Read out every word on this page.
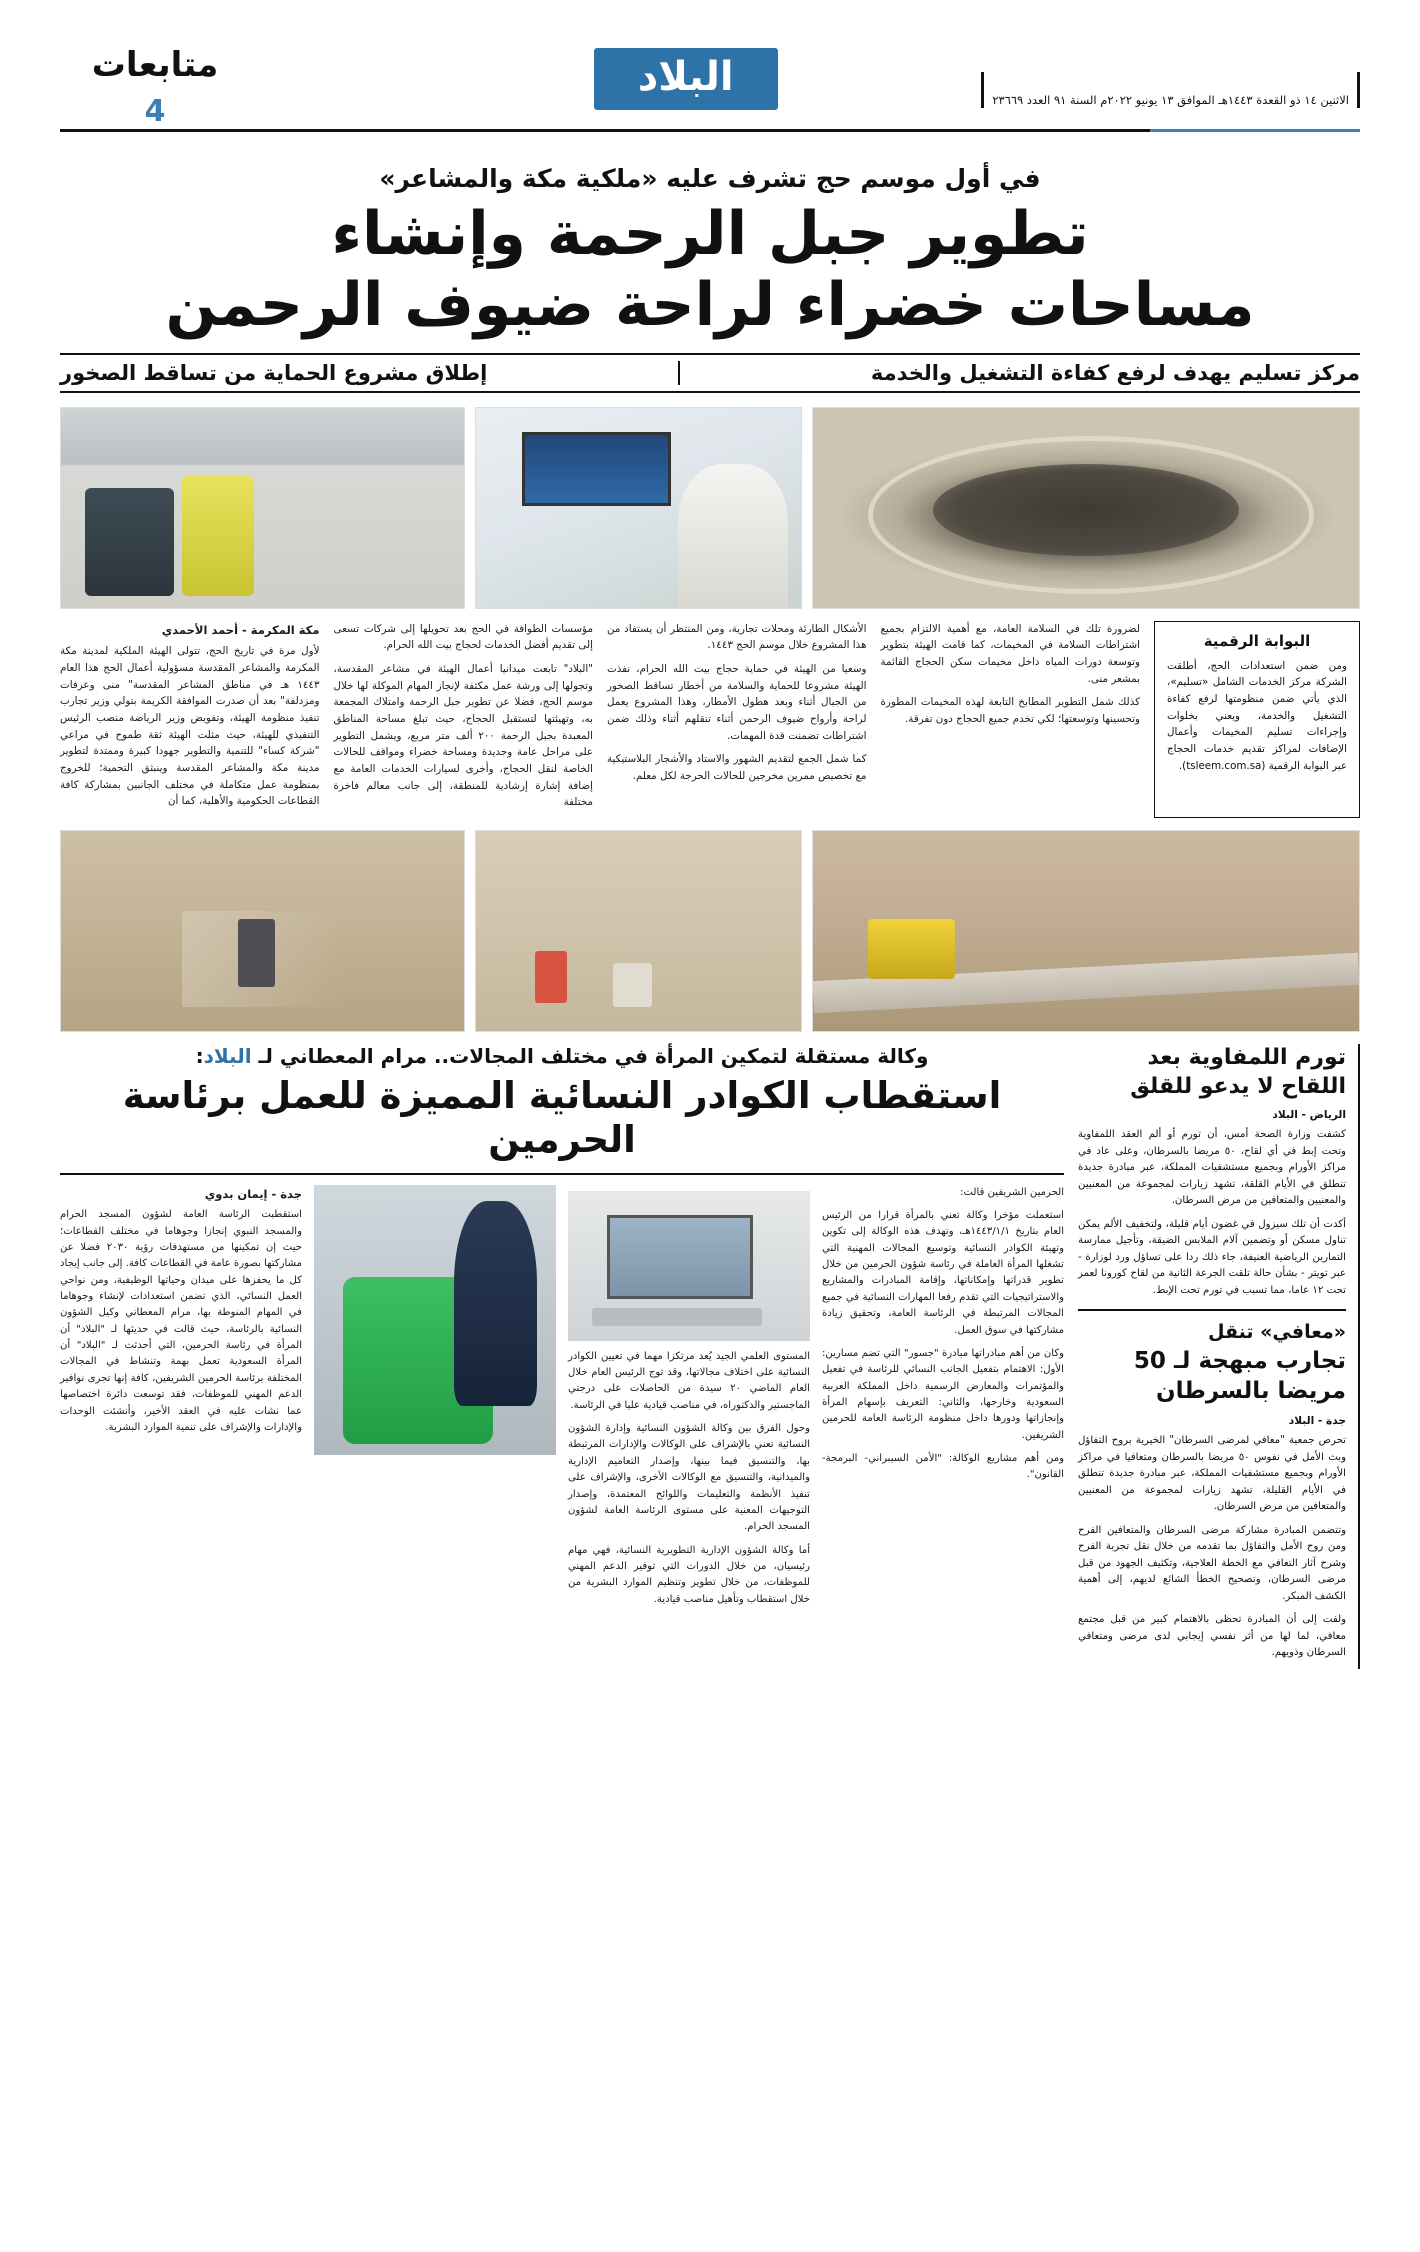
الاثنين ١٤ ذو القعدة ١٤٤٣هـ الموافق ١٣ يونيو ٢٠٢٢م السنة ٩١ العدد ٢٣٦٦٩
البلاد
متابعات
4
في أول موسم حج تشرف عليه «ملكية مكة والمشاعر»
تطوير جبل الرحمة وإنشاء
مساحات خضراء لراحة ضيوف الرحمن
مركز تسليم يهدف لرفع كفاءة التشغيل والخدمة
إطلاق مشروع الحماية من تساقط الصخور
البوابة الرقمية

ومن ضمن استعدادات الحج، أطلقت الشركة مركز الخدمات الشامل «تسليم»، الذي يأتي ضمن منظومتها لرفع كفاءة التشغيل والخدمة، ويعني بخلوات وإجراءات تسليم المخيمات وأعمال الإضافات لمراكز تقديم خدمات الحجاج عبر البوابة الرقمية (tsleem.com.sa).

لضرورة تلك في السلامة العامة، مع أهمية الالتزام بجميع اشتراطات السلامة في المخيمات، كما قامت الهيئة بتطوير وتوسعة دورات المياه داخل مخيمات سكن الحجاج القائمة بمشعر منى.

كذلك شمل التطوير المطابخ التابعة لهذه المخيمات المطورة وتحسينها وتوسعتها؛ لكي تخدم جميع الحجاج دون تفرقة.

الأشكال الطارئة ومحلات تجارية، ومن المنتظر أن يستفاد من هذا المشروع خلال موسم الحج ١٤٤٣.

وسعيا من الهيئة في حماية حجاج بيت الله الحرام، نفذت الهيئة مشروعا للحماية والسلامة من أخطار تساقط الصخور من الجبال أثناء وبعد هطول الأمطار، وهذا المشروع يعمل لراحة وأرواح ضيوف الرحمن أثناء تنقلهم أثناء وذلك ضمن اشتراطات تضمنت قدة المهمات.

كما شمل الجمع لتقديم الشهور والاستاد والأشجار البلاستيكية مع تخصيص ممرين مخرجين للحالات الحرجة لكل معلم.

مؤسسات الطوافة في الحج بعد تحويلها إلى شركات تسعى إلى تقديم أفضل الخدمات لحجاج بيت الله الحرام.

"البلاد" تابعت ميدانيا أعمال الهيئة في مشاعر المقدسة، وتجولها إلى ورشة عمل مكثفة لإنجاز المهام الموكلة لها خلال موسم الحج، فضلا عن تطوير جبل الرحمة وامتلاك المجمعة به، وتهيئتها لتستقبل الحجاج، حيث تبلغ مساحة المناطق المعبدة بجبل الرحمة ٢٠٠ ألف متر مربع، ويشمل التطوير على مراحل عامة وجديدة ومساحة خضراء ومواقف للحالات الخاصة لنقل الحجاج، وأخرى لسيارات الخدمات العامة مع إضافة إشارة إرشادية للمنطقة، إلى جانب معالم فاخرة مختلفة

مكة المكرمة - أحمد الأحمدي

لأول مرة في تاريخ الحج، تتولى الهيئة الملكية لمدينة مكة المكرمة والمشاعر المقدسة مسؤولية أعمال الحج هذا العام ١٤٤٣ هـ في مناطق المشاعر المقدسة" منى وعرفات ومزدلفة" بعد أن صدرت الموافقة الكريمة بتولي وزير تجارب تنفيذ منظومة الهيئة، وتفويض وزير الرياضة منصب الرئيس التنفيذي للهيئة، حيث مثلت الهيئة ثقة طموح في مراعي "شركة كساء" للتنمية والتطوير جهودا كبيرة وممتدة لتطوير مدينة مكة والمشاعر المقدسة وينبثق التحمية؛ للخروج بمنظومة عمل متكاملة في مختلف الجانبين بمشاركة كافة القطاعات الحكومية والأهلية، كما أن

تورم اللمفاوية بعد
اللقاح لا يدعو للقلق
الرياض - البلاد

كشفت وزارة الصحة أمس، أن تورم أو ألم العقد اللمفاوية وتحت إبط في أي لقاح، ٥٠ مريضا بالسرطان، وعلى عاد في مراكز الأورام وبجميع مستشفيات المملكة، عبر مبادرة جديدة تنطلق في الأيام القلقة، تشهد زيارات لمجموعة من المعنيين والمعنيين والمتعافين من مرض السرطان.

أكدت أن تلك سيزول في غضون أيام قليلة، ولتخفيف الألم يمكن تناول مسكن أو وتضمين آلام الملابس الضيقة، وتأجيل ممارسة التمارين الرياضية العنيفة، جاء ذلك ردا على تساؤل ورد لوزارة - عبر تويتر - بشأن حالة تلقت الجرعة الثانية من لقاح كورونا لعمر تحت ١٢ عاما، مما تسبب في تورم تحت الإبط.

«معافي» تنقل
تجارب مبهجة لـ 50
مريضا بالسرطان
جدة - البلاد

تحرص جمعية "معافي لمرضى السرطان" الخيرية بروح التفاؤل وبث الأمل في نفوس ٥٠ مريضا بالسرطان ومتعافيا في مراكز الأورام وبجميع مستشفيات المملكة، عبر مبادرة جديدة تنطلق في الأيام القليلة، تشهد زيارات لمجموعة من المعنيين والمتعافين من مرض السرطان.

وتتضمن المبادرة مشاركة مرضى السرطان والمتعافين الفرح ومن روح الأمل والتفاؤل بما تقدمه من خلال نقل تجربة الفرح وشرح آثار التعافي مع الخطة العلاجية، وتكثيف الجهود من قبل مرضى السرطان، وتصحيح الخطأ الشائع لديهم، إلى أهمية الكشف المبكر.

ولفت إلى أن المبادرة تحظى بالاهتمام كبير من قبل مجتمع معافي، لما لها من أثر نفسي إيجابي لدى مرضى ومتعافي السرطان وذويهم.

وكالة مستقلة لتمكين المرأة في مختلف المجالات.. مرام المعطاني لـ البلاد:
استقطاب الكوادر النسائية المميزة للعمل برئاسة الحرمين

الحرمين الشريفين قالت:

استعملت مؤخرا وكالة تعني بالمرأة قرارا من الرئيس العام بتاريخ ١٤٤٣/١/١هـ، وتهدف هذه الوكالة إلى تكوين وتهيئة الكوادر النسائية وتوسيع المجالات المهنية التي تشغلها المرأة العاملة في رئاسة شؤون الحرمين من خلال تطوير قدراتها وإمكاناتها، وإقامة المبادرات والمشاريع والاستراتيجيات التي تقدم رفعا المهارات النسائية في جميع المجالات المرتبطة في الرئاسة العامة، وتحقيق زيادة مشاركتها في سوق العمل.

وكان من أهم مبادراتها مبادرة "جسور" التي تضم مسارين: الأول: الاهتمام بتفعيل الجانب النسائي للرئاسة في تفعيل والمؤتمرات والمعارض الرسمية داخل المملكة العربية السعودية وخارجها، والثاني: التعريف بإسهام المرأة وإنجازاتها ودورها داخل منظومة الرئاسة العامة للحرمين الشريفين.

ومن أهم مشاريع الوكالة: "الأمن السيبراني- البرمجة- القانون".

المستوى العلمي الجيد يُعد مرتكزا مهما في تعيين الكوادر النسائية على اختلاف مجالاتها، وقد توج الرئيس العام خلال العام الماضي ٢٠ سيدة من الحاصلات على درجتي الماجستير والدكتوراه، في مناصب قيادية عليا في الرئاسة.

وحول الفرق بين وكالة الشؤون النسائية وإدارة الشؤون النسائية تعني بالإشراف على الوكالات والإدارات المرتبطة بها، والتنسيق فيما بينها، وإصدار التعاميم الإدارية والميدانية، والتنسيق مع الوكالات الأخرى، والإشراف على تنفيذ الأنظمة والتعليمات واللوائح المعتمدة، وإصدار التوجيهات المعنية على مستوى الرئاسة العامة لشؤون المسجد الحرام.

أما وكالة الشؤون الإدارية التطويرية النسائية، فهي مهام رئيسيان، من خلال الدورات التي توفير الدعم المهني للموظفات، من خلال تطوير وتنظيم الموارد البشرية من خلال استقطاب وتأهيل مناصب قيادية.

جدة - إيمان بدوي

استقطبت الرئاسة العامة لشؤون المسجد الحرام والمسجد النبوي إنجازا وجوهاما في مختلف القطاعات؛ حيث إن تمكينها من مستهدفات رؤية ٢٠٣٠ فضلا عن مشاركتها بصورة عامة في القطاعات كافة. إلى جانب إيجاد كل ما يحفزها على ميدان وحياتها الوظيفية، ومن نواحي العمل النسائي، الذي تضمن استعدادات لإنشاء وجوهاما في المهام المنوطة بها، مرام المعطاني وكيل الشؤون النسائية بالرئاسة، حيث قالت في حديثها لـ "البلاد" أن المرأة في رئاسة الحرمين، التي أحدثت لـ "البلاد" أن المرأة السعودية تعمل بهمة وتنشاط في المجالات المختلفة برئاسة الحرمين الشريفين، كافة إنها تجرى نوافير الدعم المهني للموظفات، فقد توسعت دائرة اختصاصها عما نشات عليه في العقد الأخير، وأنشئت الوحدات والإدارات والإشراف على تنمية الموارد البشرية.
